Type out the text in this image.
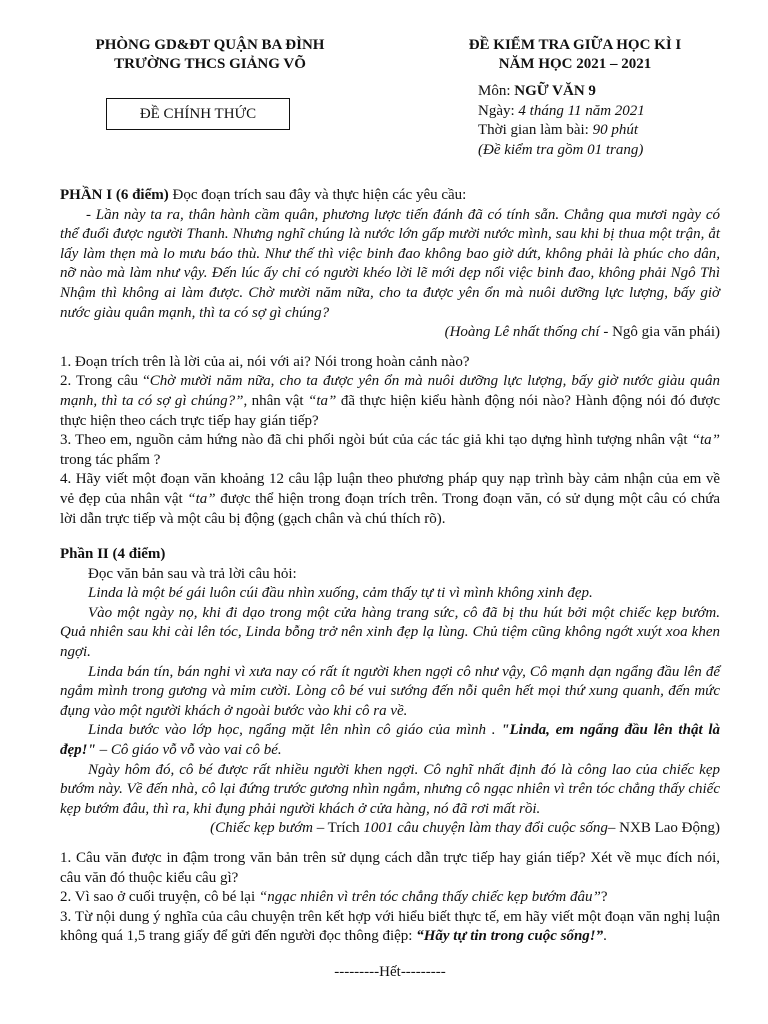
PHÒNG GD&ĐT QUẬN BA ĐÌNH
TRƯỜNG THCS GIẢNG VÕ
ĐỀ KIỂM TRA GIỮA HỌC KÌ I
NĂM HỌC 2021 – 2021
ĐỀ CHÍNH THỨC
Môn: NGỮ VĂN 9
Ngày: 4 tháng 11 năm 2021
Thời gian làm bài: 90 phút
(Đề kiểm tra gồm 01 trang)

PHẦN I (6 điểm) Đọc đoạn trích sau đây và thực hiện các yêu cầu:

- Lần này ta ra, thân hành cầm quân, phương lược tiến đánh đã có tính sẵn. Chẳng qua mươi ngày có thể đuổi được người Thanh. Nhưng nghĩ chúng là nước lớn gấp mười nước mình, sau khi bị thua một trận, ắt lấy làm thẹn mà lo mưu báo thù. Như thế thì việc binh đao không bao giờ dứt, không phải là phúc cho dân, nỡ nào mà làm như vậy. Đến lúc ấy chỉ có người khéo lời lẽ mới dẹp nổi việc binh đao, không phải Ngô Thì Nhậm thì không ai làm được. Chờ mười năm nữa, cho ta được yên ổn mà nuôi dưỡng lực lượng, bấy giờ nước giàu quân mạnh, thì ta có sợ gì chúng?

(Hoàng Lê nhất thống chí - Ngô gia văn phái)

1. Đoạn trích trên là lời của ai, nói với ai? Nói trong hoàn cảnh nào?

2. Trong câu “Chờ mười năm nữa, cho ta được yên ổn mà nuôi dưỡng lực lượng, bấy giờ nước giàu quân mạnh, thì ta có sợ gì chúng?”, nhân vật “ta” đã thực hiện kiểu hành động nói nào? Hành động nói đó được thực hiện theo cách trực tiếp hay gián tiếp?

3. Theo em, nguồn cảm hứng nào đã chi phối ngòi bút của các tác giả khi tạo dựng hình tượng nhân vật “ta” trong tác phẩm ?

4. Hãy viết một đoạn văn khoảng 12 câu lập luận theo phương pháp quy nạp trình bày cảm nhận của em về vẻ đẹp của nhân vật “ta” được thể hiện trong đoạn trích trên. Trong đoạn văn, có sử dụng một câu có chứa lời dẫn trực tiếp và một câu bị động (gạch chân và chú thích rõ).

Phần II (4 điểm)

Đọc văn bản sau và trả lời câu hỏi:

Linda là một bé gái luôn cúi đầu nhìn xuống, cảm thấy tự ti vì mình không xinh đẹp.

Vào một ngày nọ, khi đi dạo trong một cửa hàng trang sức, cô đã bị thu hút bởi một chiếc kẹp bướm. Quả nhiên sau khi cài lên tóc, Linda bỗng trở nên xinh đẹp lạ lùng. Chủ tiệm cũng không ngớt xuýt xoa khen ngợi.

Linda bán tín, bán nghi vì xưa nay có rất ít người khen ngợi cô như vậy, Cô mạnh dạn ngẩng đầu lên để ngắm mình trong gương và mỉm cười. Lòng cô bé vui sướng đến nỗi quên hết mọi thứ xung quanh, đến mức đụng vào một người khách ở ngoài bước vào khi cô ra về.

Linda bước vào lớp học, ngẩng mặt lên nhìn cô giáo của mình . "Linda, em ngẩng đầu lên thật là đẹp!" – Cô giáo vỗ vỗ vào vai cô bé.

Ngày hôm đó, cô bé được rất nhiều người khen ngợi. Cô nghĩ nhất định đó là công lao của chiếc kẹp bướm này. Về đến nhà, cô lại đứng trước gương nhìn ngắm, nhưng cô ngạc nhiên vì trên tóc chẳng thấy chiếc kẹp bướm đâu, thì ra, khi đụng phải người khách ở cửa hàng, nó đã rơi mất rồi.

(Chiếc kẹp bướm – Trích 1001 câu chuyện làm thay đổi cuộc sống– NXB Lao Động)

1. Câu văn được in đậm trong văn bản trên sử dụng cách dẫn trực tiếp hay gián tiếp? Xét về mục đích nói, câu văn đó thuộc kiểu câu gì?

2. Vì sao ở cuối truyện, cô bé lại “ngạc nhiên vì trên tóc chẳng thấy chiếc kẹp bướm đâu”?

3. Từ nội dung ý nghĩa của câu chuyện trên kết hợp với hiểu biết thực tế, em hãy viết một đoạn văn nghị luận không quá 1,5 trang giấy để gửi đến người đọc thông điệp: “Hãy tự tin trong cuộc sống!”.

---------Hết---------
